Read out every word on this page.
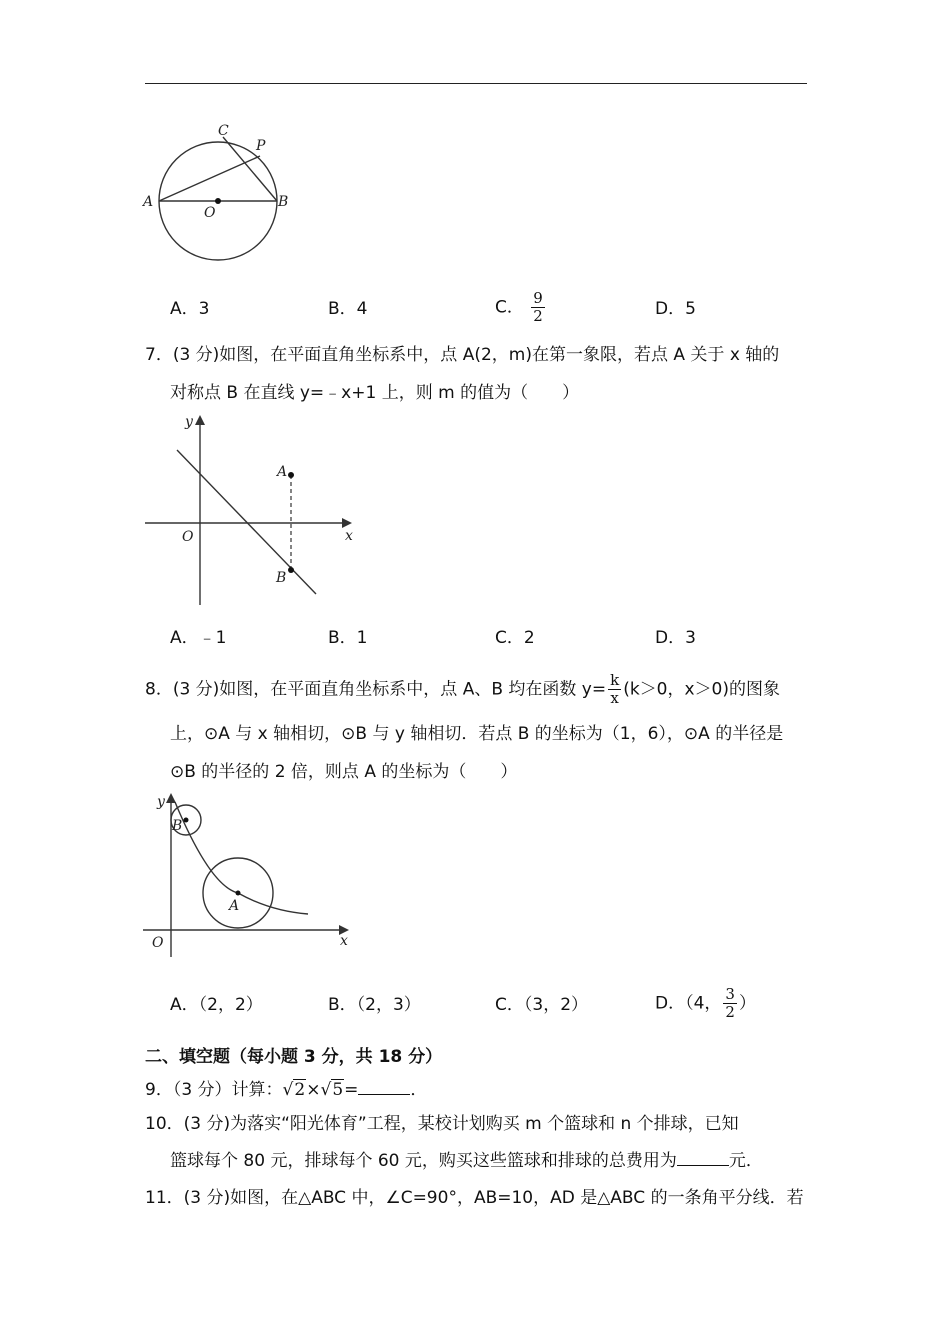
C
P
A
O
B
A．3	B．4	C． $\frac{9}{2}$	D．5
7．(3 分)如图，在平面直角坐标系中，点 A(2，m)在第一象限，若点 A 关于 x 轴的
对称点 B 在直线 y=﹣x+1 上，则 m 的值为（　　）
y
x
O
A
B
A．﹣1	B．1	C．2	D．3
8．(3 分)如图，在平面直角坐标系中，点 A、B 均在函数 $y= \frac{k}{x} (k>0$，x＞0)的图象
上，⊙A 与 x 轴相切，⊙B 与 y 轴相切．若点 B 的坐标为（1，6），⊙A 的半径是
⊙B 的半径的 2 倍，则点 A 的坐标为（　　）
y
B
A
O	x
A．（2，2）	B．（2，3）	C．（3，2）	D．（4， $\frac{3}{2}$ ）
二、填空题（每小题 3 分，共 18 分）
9．（3 分）计算：√2×√5=	．
10．(3 分)为落实“阳光体育”工程，某校计划购买 m 个篮球和 n 个排球，已知
篮球每个 80 元，排球每个 60 元，购买这些篮球和排球的总费用为	元．
11．(3 分)如图，在△ABC 中，∠C=90°，AB=10，AD 是△ABC 的一条角平分线．若
